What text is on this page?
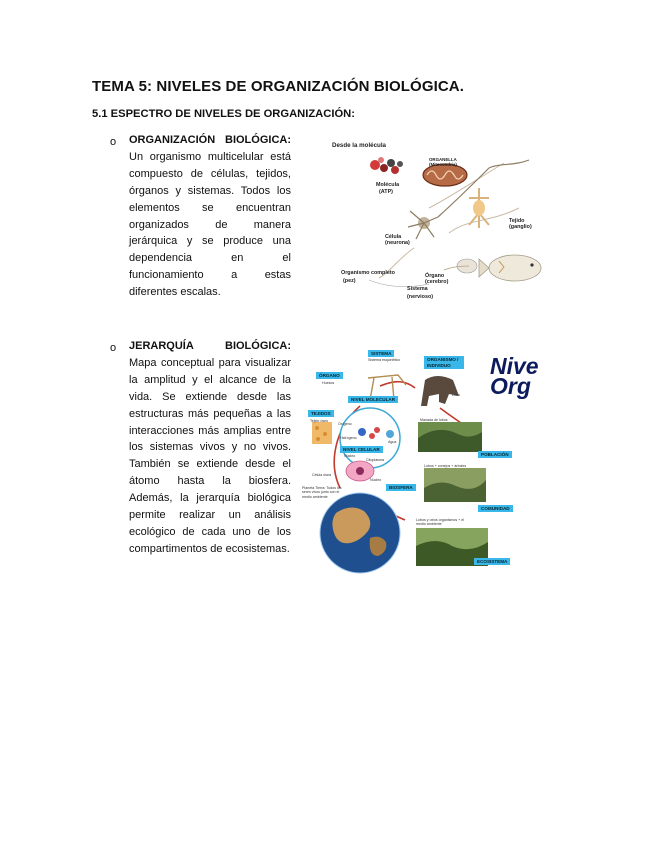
TEMA 5: NIVELES DE ORGANIZACIÓN BIOLÓGICA.
5.1 ESPECTRO DE NIVELES DE ORGANIZACIÓN:
o ORGANIZACIÓN BIOLÓGICA: Un organismo multicelular está compuesto de células, tejidos, órganos y sistemas. Todos los elementos se encuentran organizados de manera jerárquica y se produce una dependencia en el funcionamiento a estas diferentes escalas.

Desde la molécula
ORGANELLA
(Mitocondria)
Molécula
(ATP)
Célula
(neurona)
Tejido
(ganglio)
Organismo completo
(pez)
Órgano
(cerebro)
Sistema
(nervioso)
o JERARQUÍA BIOLÓGICA: Mapa conceptual para visualizar la amplitud y el alcance de la vida. Se extiende desde las estructuras más pequeñas a las interacciones más amplias entre los sistemas vivos y no vivos. También se extiende desde el átomo hasta la biosfera. Además, la jerarquía biológica permite realizar un análisis ecológico de cada uno de los compartimentos de ecosistemas.

Nive
Org
SISTEMA
Sistema esquelético	ORGANISMO / INDIVIDUO
ÓRGANO
Huesos
Lobo
NIVEL MOLECULAR
TEJIDOS
Tejido óseo
Oxígeno
Hidrógeno
Agua
Manada de lobos
NIVEL CELULAR
Núcleo
Citoplasma
POBLACIÓN
Célula ósea
Núcleo
Lobos + conejos + árboles
BIOSFERA
Planeta Tierra: Todos los seres vivos junto con el medio ambiente
COMUNIDAD
Lobos y otros organismos + el medio ambiente
ECOSISTEMA
